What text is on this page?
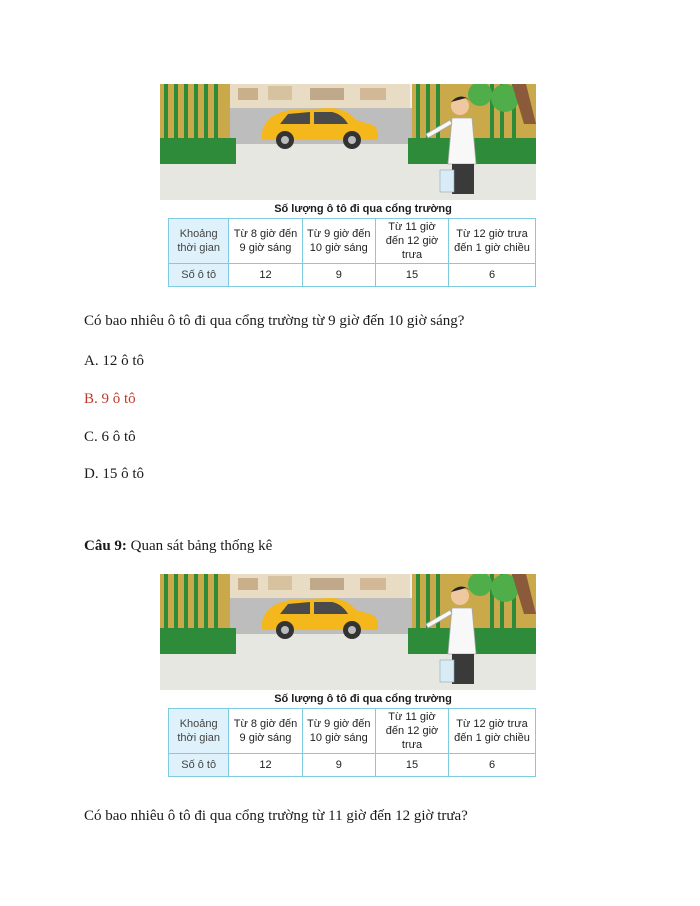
Số lượng ô tô đi qua cổng trường
Khoảng thời gian	Từ 8 giờ đến 9 giờ sáng	Từ 9 giờ đến 10 giờ sáng	Từ 11 giờ đến 12 giờ trưa	Từ 12 giờ trưa đến 1 giờ chiều
Số ô tô	12	9	15	6

Có bao nhiêu ô tô đi qua cổng trường từ 9 giờ đến 10 giờ sáng?

A. 12 ô tô

B. 9 ô tô

C. 6 ô tô

D. 15 ô tô

Câu 9: Quan sát bảng thống kê

Số lượng ô tô đi qua cổng trường
Khoảng thời gian	Từ 8 giờ đến 9 giờ sáng	Từ 9 giờ đến 10 giờ sáng	Từ 11 giờ đến 12 giờ trưa	Từ 12 giờ trưa đến 1 giờ chiều
Số ô tô	12	9	15	6

Có bao nhiêu ô tô đi qua cổng trường từ 11 giờ đến 12 giờ trưa?
